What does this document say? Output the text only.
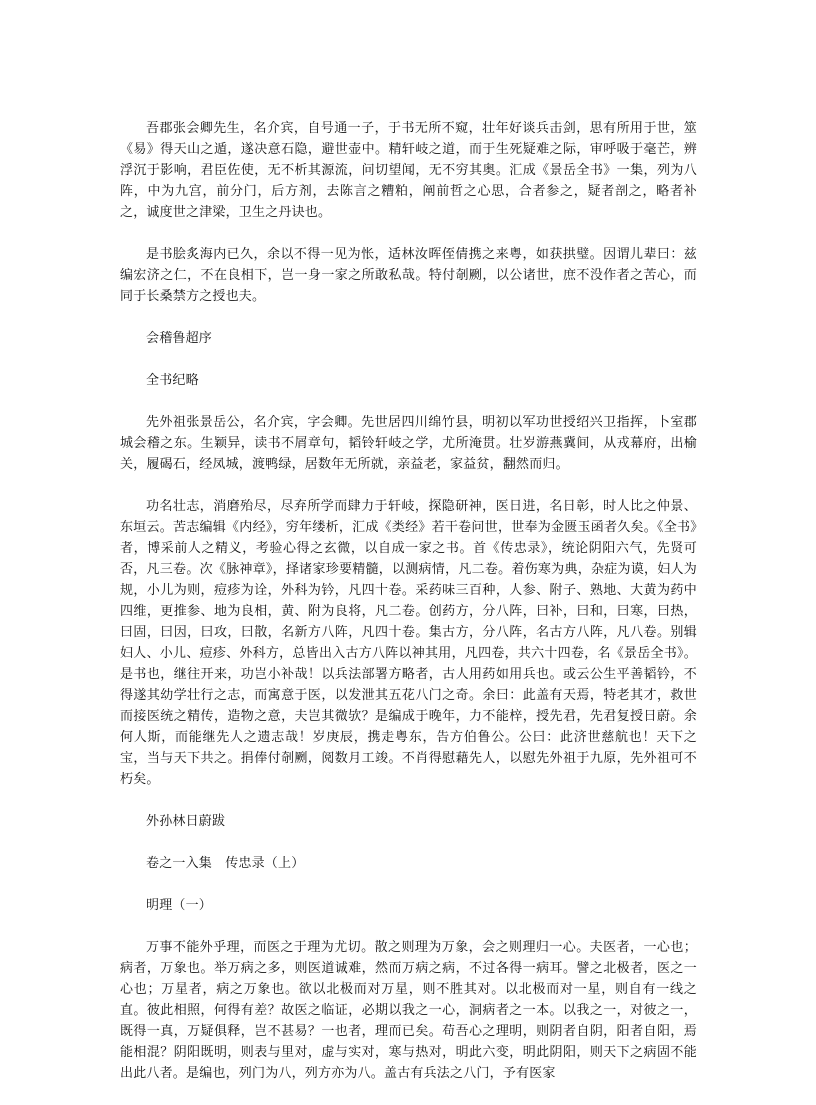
吾郡张会卿先生，名介宾，自号通一子，于书无所不窥，壮年好谈兵击剑，思有所用于世，筮《易》得天山之遁，遂决意石隐，避世壶中。精轩岐之道，而于生死疑难之际，审呼吸于毫芒，辨浮沉于影响，君臣佐使，无不析其源流，问切望闻，无不穷其奥。汇成《景岳全书》一集，列为八阵，中为九宫，前分门，后方剂，去陈言之糟粕，阐前哲之心思，合者参之，疑者剖之，略者补之，诚度世之津梁，卫生之丹诀也。

是书脍炙海内已久，余以不得一见为怅，适林汝晖侄倩携之来粤，如获拱璧。因谓儿辈曰：兹编宏济之仁，不在良相下，岂一身一家之所敢私哉。特付剞劂，以公诸世，庶不没作者之苦心，而同于长桑禁方之授也夫。

会稽鲁超序

全书纪略

先外祖张景岳公，名介宾，字会卿。先世居四川绵竹县，明初以军功世授绍兴卫指挥，卜室郡城会稽之东。生颖异，读书不屑章句，韬铃轩岐之学，尤所淹贯。壮岁游燕冀间，从戎幕府，出榆关，履碣石，经凤城，渡鸭绿，居数年无所就，亲益老，家益贫，翻然而归。

功名壮志，消磨殆尽，尽弃所学而肆力于轩岐，探隐研神，医日进，名日彰，时人比之仲景、东垣云。苦志编辑《内经》，穷年缕析，汇成《类经》若干卷问世，世奉为金匮玉函者久矣。《全书》者，博采前人之精义，考验心得之玄微，以自成一家之书。首《传忠录》，统论阴阳六气，先贤可否，凡三卷。次《脉神章》，择诸家珍要精髓，以测病情，凡二卷。着伤寒为典，杂症为谟，妇人为规，小儿为则，痘疹为诠，外科为钤，凡四十卷。采药味三百种，人参、附子、熟地、大黄为药中四维，更推参、地为良相，黄、附为良将，凡二卷。创药方，分八阵，曰补，曰和，曰寒，曰热，曰固，曰因，曰攻，曰散，名新方八阵，凡四十卷。集古方，分八阵，名古方八阵，凡八卷。别辑妇人、小儿、痘疹、外科方，总皆出入古方八阵以神其用，凡四卷，共六十四卷，名《景岳全书》。是书也，继往开来，功岂小补哉！以兵法部署方略者，古人用药如用兵也。或云公生平善韬钤，不得遂其幼学壮行之志，而寓意于医，以发泄其五花八门之奇。余曰：此盖有天焉，特老其才，救世而接医统之精传，造物之意，夫岂其微欤？是编成于晚年，力不能梓，授先君，先君复授日蔚。余何人斯，而能继先人之遗志哉！岁庚辰，携走粤东，告方伯鲁公。公曰：此济世慈航也！天下之宝，当与天下共之。捐俸付剞劂，阅数月工竣。不肖得慰藉先人，以慰先外祖于九原，先外祖可不朽矣。

外孙林日蔚跋

卷之一入集　传忠录（上）

明理（一）

万事不能外乎理，而医之于理为尤切。散之则理为万象，会之则理归一心。夫医者，一心也；病者，万象也。举万病之多，则医道诚难，然而万病之病，不过各得一病耳。譬之北极者，医之一心也；万星者，病之万象也。欲以北极而对万星，则不胜其对。以北极而对一星，则自有一线之直。彼此相照，何得有差？故医之临证，必期以我之一心，洞病者之一本。以我之一，对彼之一，既得一真，万疑俱释，岂不甚易？一也者，理而已矣。苟吾心之理明，则阴者自阴，阳者自阳，焉能相混？阴阳既明，则表与里对，虚与实对，寒与热对，明此六变，明此阴阳，则天下之病固不能出此八者。是编也，列门为八，列方亦为八。盖古有兵法之八门，予有医家
